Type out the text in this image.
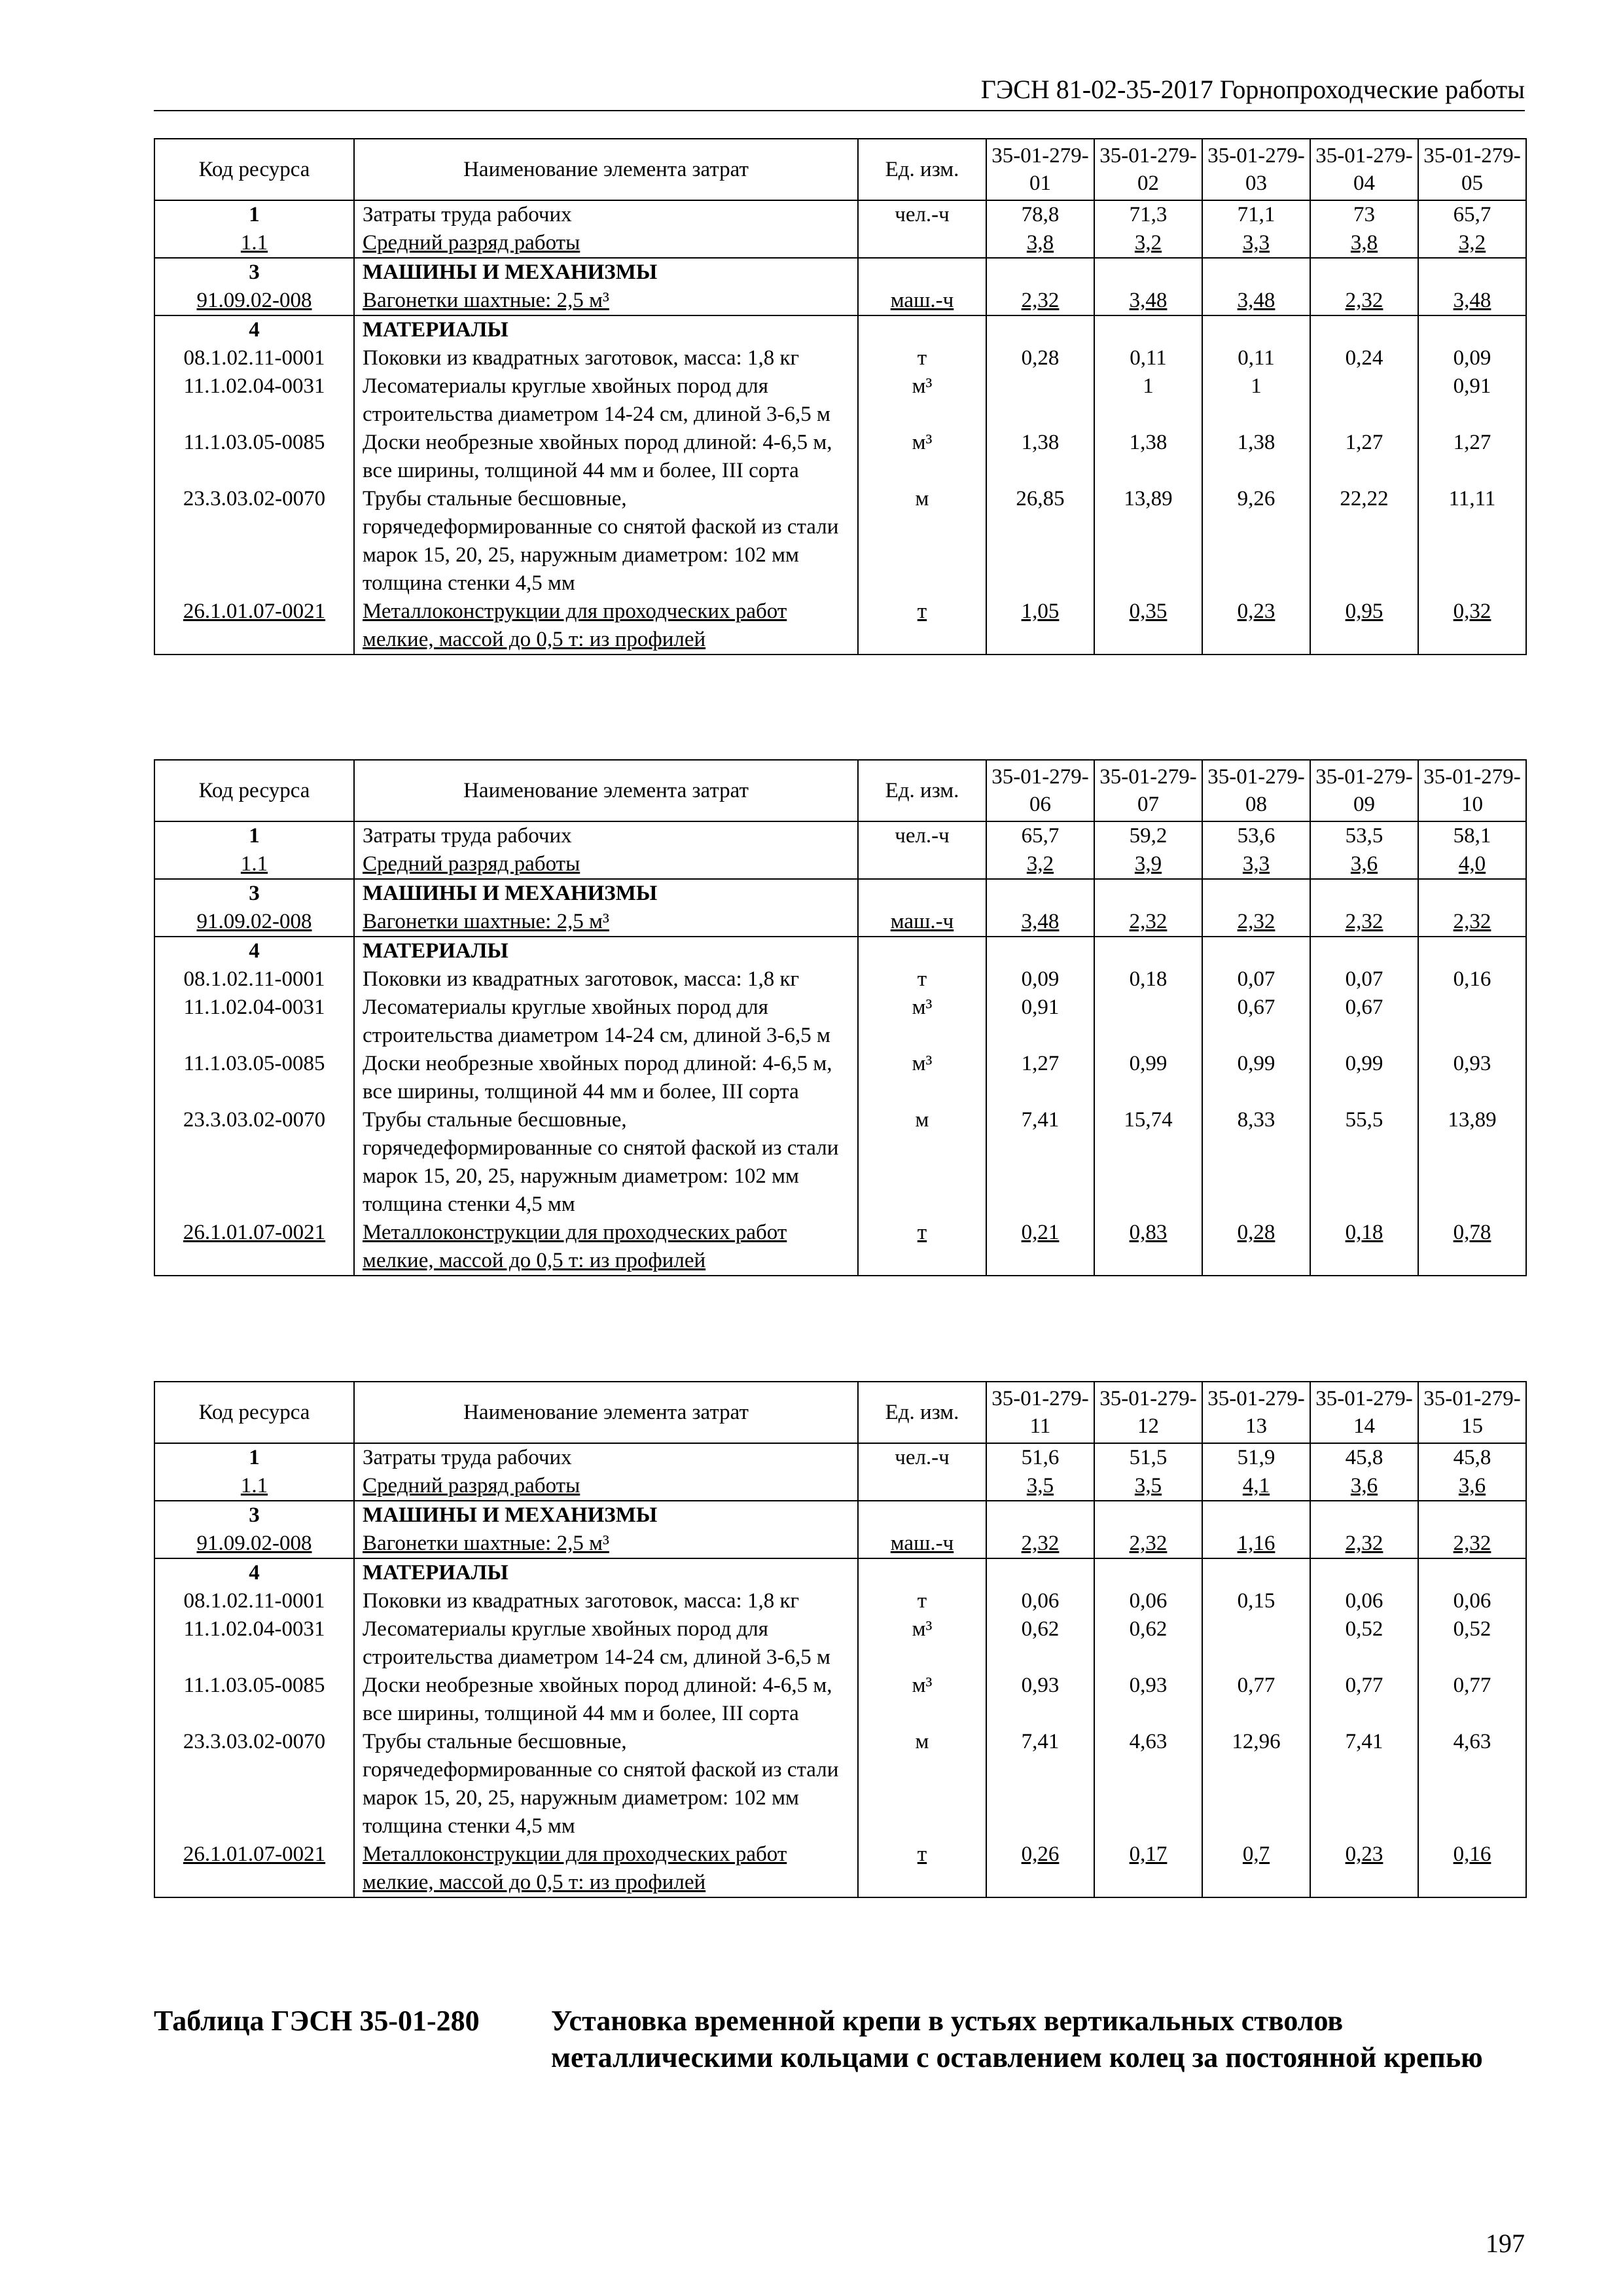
ГЭСН 81-02-35-2017 Горнопроходческие работы
Код ресурса	Наименование элемента затрат	Ед. изм.	35-01-279-01	35-01-279-02	35-01-279-03	35-01-279-04	35-01-279-05
1	Затраты труда рабочих	чел.-ч	78,8	71,3	71,1	73	65,7
1.1	Средний разряд работы		3,8	3,2	3,3	3,8	3,2
3	МАШИНЫ И МЕХАНИЗМЫ						
91.09.02-008	Вагонетки шахтные: 2,5 м³	маш.-ч	2,32	3,48	3,48	2,32	3,48
4	МАТЕРИАЛЫ						
08.1.02.11-0001	Поковки из квадратных заготовок, масса: 1,8 кг	т	0,28	0,11	0,11	0,24	0,09
11.1.02.04-0031	Лесоматериалы круглые хвойных пород для строительства диаметром 14-24 см, длиной 3-6,5 м	м³		1	1		0,91
11.1.03.05-0085	Доски необрезные хвойных пород длиной: 4-6,5 м, все ширины, толщиной 44 мм и более, III сорта	м³	1,38	1,38	1,38	1,27	1,27
23.3.03.02-0070	Трубы стальные бесшовные, горячедеформированные со снятой фаской из стали марок 15, 20, 25, наружным диаметром: 102 мм толщина стенки 4,5 мм	м	26,85	13,89	9,26	22,22	11,11
26.1.01.07-0021	Металлоконструкции для проходческих работ мелкие, массой до 0,5 т: из профилей	т	1,05	0,35	0,23	0,95	0,32
Код ресурса	Наименование элемента затрат	Ед. изм.	35-01-279-06	35-01-279-07	35-01-279-08	35-01-279-09	35-01-279-10
1	Затраты труда рабочих	чел.-ч	65,7	59,2	53,6	53,5	58,1
1.1	Средний разряд работы		3,2	3,9	3,3	3,6	4,0
3	МАШИНЫ И МЕХАНИЗМЫ						
91.09.02-008	Вагонетки шахтные: 2,5 м³	маш.-ч	3,48	2,32	2,32	2,32	2,32
4	МАТЕРИАЛЫ						
08.1.02.11-0001	Поковки из квадратных заготовок, масса: 1,8 кг	т	0,09	0,18	0,07	0,07	0,16
11.1.02.04-0031	Лесоматериалы круглые хвойных пород для строительства диаметром 14-24 см, длиной 3-6,5 м	м³	0,91		0,67	0,67	
11.1.03.05-0085	Доски необрезные хвойных пород длиной: 4-6,5 м, все ширины, толщиной 44 мм и более, III сорта	м³	1,27	0,99	0,99	0,99	0,93
23.3.03.02-0070	Трубы стальные бесшовные, горячедеформированные со снятой фаской из стали марок 15, 20, 25, наружным диаметром: 102 мм толщина стенки 4,5 мм	м	7,41	15,74	8,33	55,5	13,89
26.1.01.07-0021	Металлоконструкции для проходческих работ мелкие, массой до 0,5 т: из профилей	т	0,21	0,83	0,28	0,18	0,78
Код ресурса	Наименование элемента затрат	Ед. изм.	35-01-279-11	35-01-279-12	35-01-279-13	35-01-279-14	35-01-279-15
1	Затраты труда рабочих	чел.-ч	51,6	51,5	51,9	45,8	45,8
1.1	Средний разряд работы		3,5	3,5	4,1	3,6	3,6
3	МАШИНЫ И МЕХАНИЗМЫ						
91.09.02-008	Вагонетки шахтные: 2,5 м³	маш.-ч	2,32	2,32	1,16	2,32	2,32
4	МАТЕРИАЛЫ						
08.1.02.11-0001	Поковки из квадратных заготовок, масса: 1,8 кг	т	0,06	0,06	0,15	0,06	0,06
11.1.02.04-0031	Лесоматериалы круглые хвойных пород для строительства диаметром 14-24 см, длиной 3-6,5 м	м³	0,62	0,62		0,52	0,52
11.1.03.05-0085	Доски необрезные хвойных пород длиной: 4-6,5 м, все ширины, толщиной 44 мм и более, III сорта	м³	0,93	0,93	0,77	0,77	0,77
23.3.03.02-0070	Трубы стальные бесшовные, горячедеформированные со снятой фаской из стали марок 15, 20, 25, наружным диаметром: 102 мм толщина стенки 4,5 мм	м	7,41	4,63	12,96	7,41	4,63
26.1.01.07-0021	Металлоконструкции для проходческих работ мелкие, массой до 0,5 т: из профилей	т	0,26	0,17	0,7	0,23	0,16
Таблица ГЭСН 35-01-280 Установка временной крепи в устьях вертикальных стволов металлическими кольцами с оставлением колец за постоянной крепью
197
